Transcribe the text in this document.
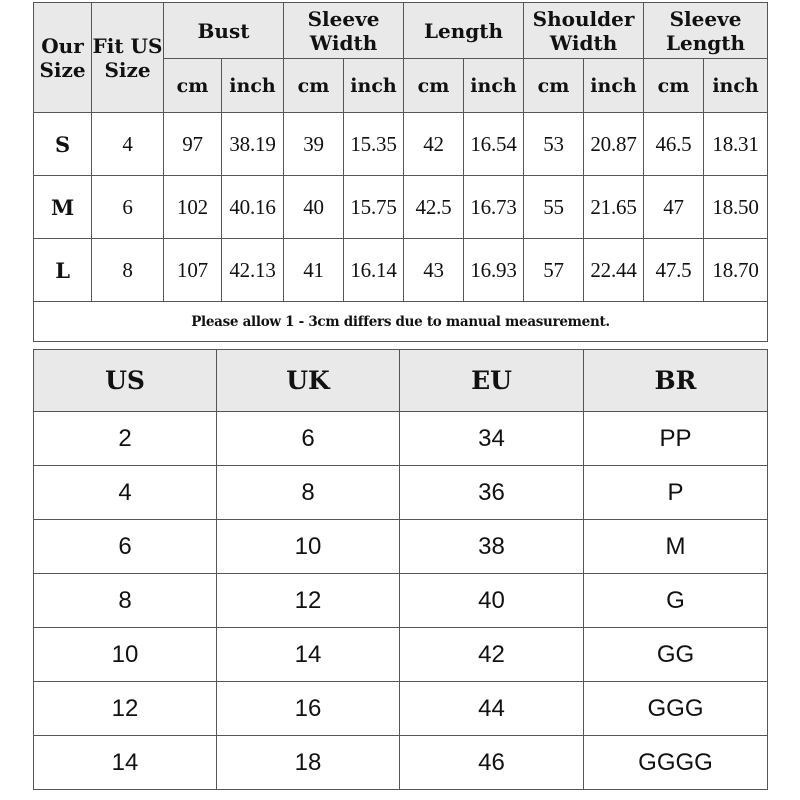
Our Size	Fit US Size	Bust		Sleeve Width		Length		Shoulder Width		Sleeve Length	
		cm	inch	cm	inch	cm	inch	cm	inch	cm	inch
S	4	97	38.19	39	15.35	42	16.54	53	20.87	46.5	18.31
M	6	102	40.16	40	15.75	42.5	16.73	55	21.65	47	18.50
L	8	107	42.13	41	16.14	43	16.93	57	22.44	47.5	18.70
Please allow 1 - 3cm differs due to manual measurement.											
US	UK	EU	BR
2	6	34	PP
4	8	36	P
6	10	38	M
8	12	40	G
10	14	42	GG
12	16	44	GGG
14	18	46	GGGG
